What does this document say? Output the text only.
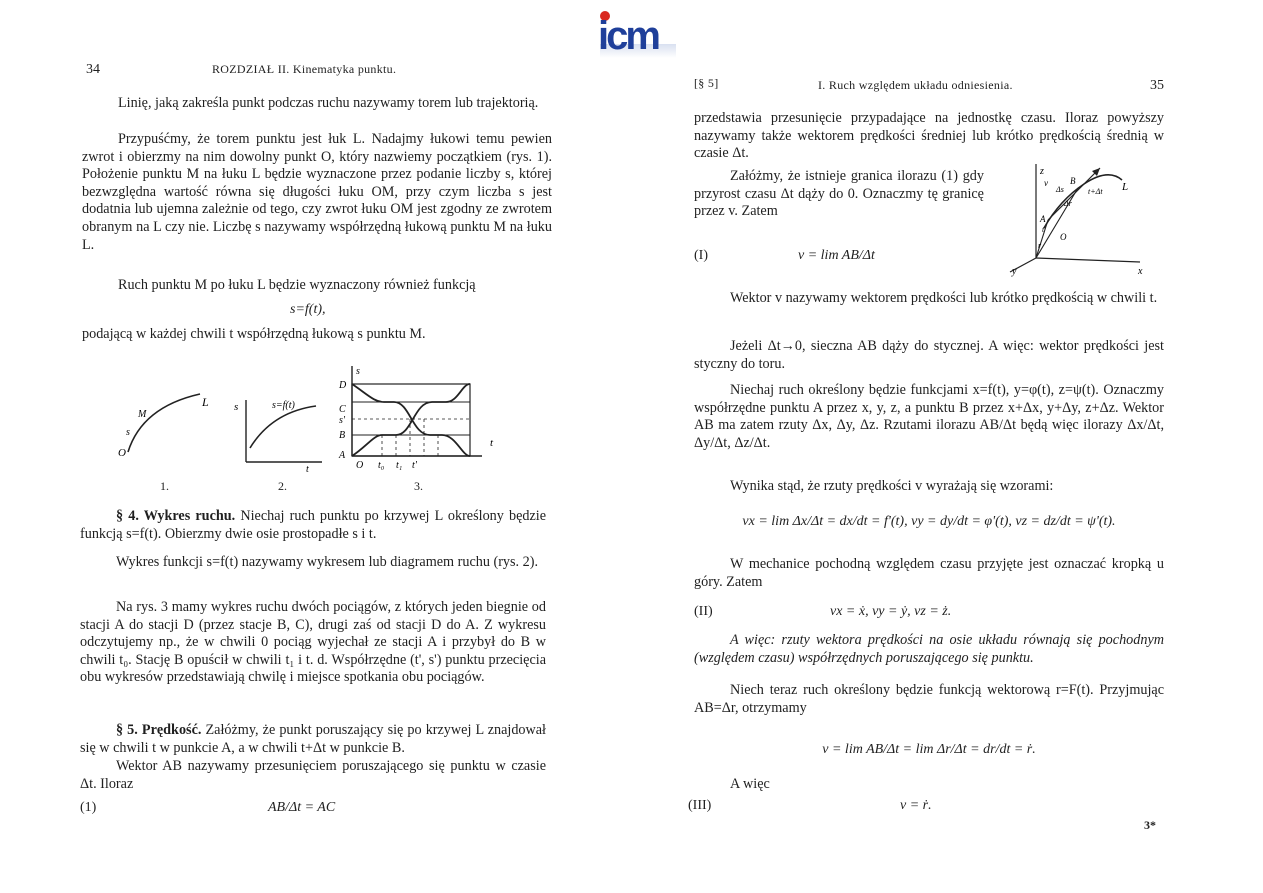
icm
34	ROZDZIAŁ II. Kinematyka punktu.
Linię, jaką zakreśla punkt podczas ruchu nazywamy torem lub trajektorią.
Przypuśćmy, że torem punktu jest łuk L. Nadajmy łukowi temu pewien zwrot i obierzmy na nim dowolny punkt O, który nazwiemy początkiem (rys. 1). Położenie punktu M na łuku L będzie wyznaczone przez podanie liczby s, której bezwzględna wartość równa się długości łuku OM, przy czym liczba s jest dodatnia lub ujemna zależnie od tego, czy zwrot łuku OM jest zgodny ze zwrotem obranym na L czy nie. Liczbę s nazywamy współrzędną łukową punktu M na łuku L.
Ruch punktu M po łuku L będzie wyznaczony również funkcją
s=f(t),
podającą w każdej chwili t współrzędną łukową s punktu M.
L
M
s
O
s	s=f(t)
t
s
D
C
s'
B
A
O t₀ t₁ t'
t
1.	2.	3.
§ 4. Wykres ruchu. Niechaj ruch punktu po krzywej L określony będzie funkcją s=f(t). Obierzmy dwie osie prostopadłe s i t.
Wykres funkcji s=f(t) nazywamy wykresem lub diagramem ruchu (rys. 2).
Na rys. 3 mamy wykres ruchu dwóch pociągów, z których jeden biegnie od stacji A do stacji D (przez stacje B, C), drugi zaś od stacji D do A. Z wykresu odczytujemy np., że w chwili 0 pociąg wyjechał ze stacji A i przybył do B w chwili t₀. Stację B opuścił w chwili t₁ i t. d. Współrzędne (t', s') punktu przecięcia obu wykresów przedstawiają chwilę i miejsce spotkania obu pociągów.
§ 5. Prędkość. Załóżmy, że punkt poruszający się po krzywej L znajdował się w chwili t w punkcie A, a w chwili t+Δt w punkcie B.
Wektor AB nazywamy przesunięciem poruszającego się punktu w czasie Δt. Iloraz
(1)	AB/Δt = AC
[§ 5]	I. Ruch względem układu odniesienia.	35
przedstawia przesunięcie przypadające na jednostkę czasu. Iloraz powyższy nazywamy także wektorem prędkości średniej lub krótko prędkością średnią w czasie Δt.
Załóżmy, że istnieje granica ilorazu (1) gdy przyrost czasu Δt dąży do 0. Oznaczmy tę granicę przez v. Zatem
(I)	v = lim AB/Δt
z
y	x
L
A
B
O
v
r
Δr
Δs	t+Δt
t
Wektor v nazywamy wektorem prędkości lub krótko prędkością w chwili t.
Jeżeli Δt→0, sieczna AB dąży do stycznej. A więc: wektor prędkości jest styczny do toru.
Niechaj ruch określony będzie funkcjami x=f(t), y=φ(t), z=ψ(t). Oznaczmy współrzędne punktu A przez x, y, z, a punktu B przez x+Δx, y+Δy, z+Δz. Wektor AB ma zatem rzuty Δx, Δy, Δz. Rzutami ilorazu AB/Δt będą więc ilorazy Δx/Δt, Δy/Δt, Δz/Δt.
Wynika stąd, że rzuty prędkości v wyrażają się wzorami:
vx = lim Δx/Δt = dx/dt = f'(t), vy = dy/dt = φ'(t), vz = dz/dt = ψ'(t).
W mechanice pochodną względem czasu przyjęte jest oznaczać kropką u góry. Zatem
(II)	vx = ẋ, vy = ẏ, vz = ż.
A więc: rzuty wektora prędkości na osie układu równają się pochodnym (względem czasu) współrzędnych poruszającego się punktu.
Niech teraz ruch określony będzie funkcją wektorową r=F(t). Przyjmując AB=Δr, otrzymamy
v = lim AB/Δt = lim Δr/Δt = dr/dt = ṙ.
A więc
(III)	v = ṙ.
3*
